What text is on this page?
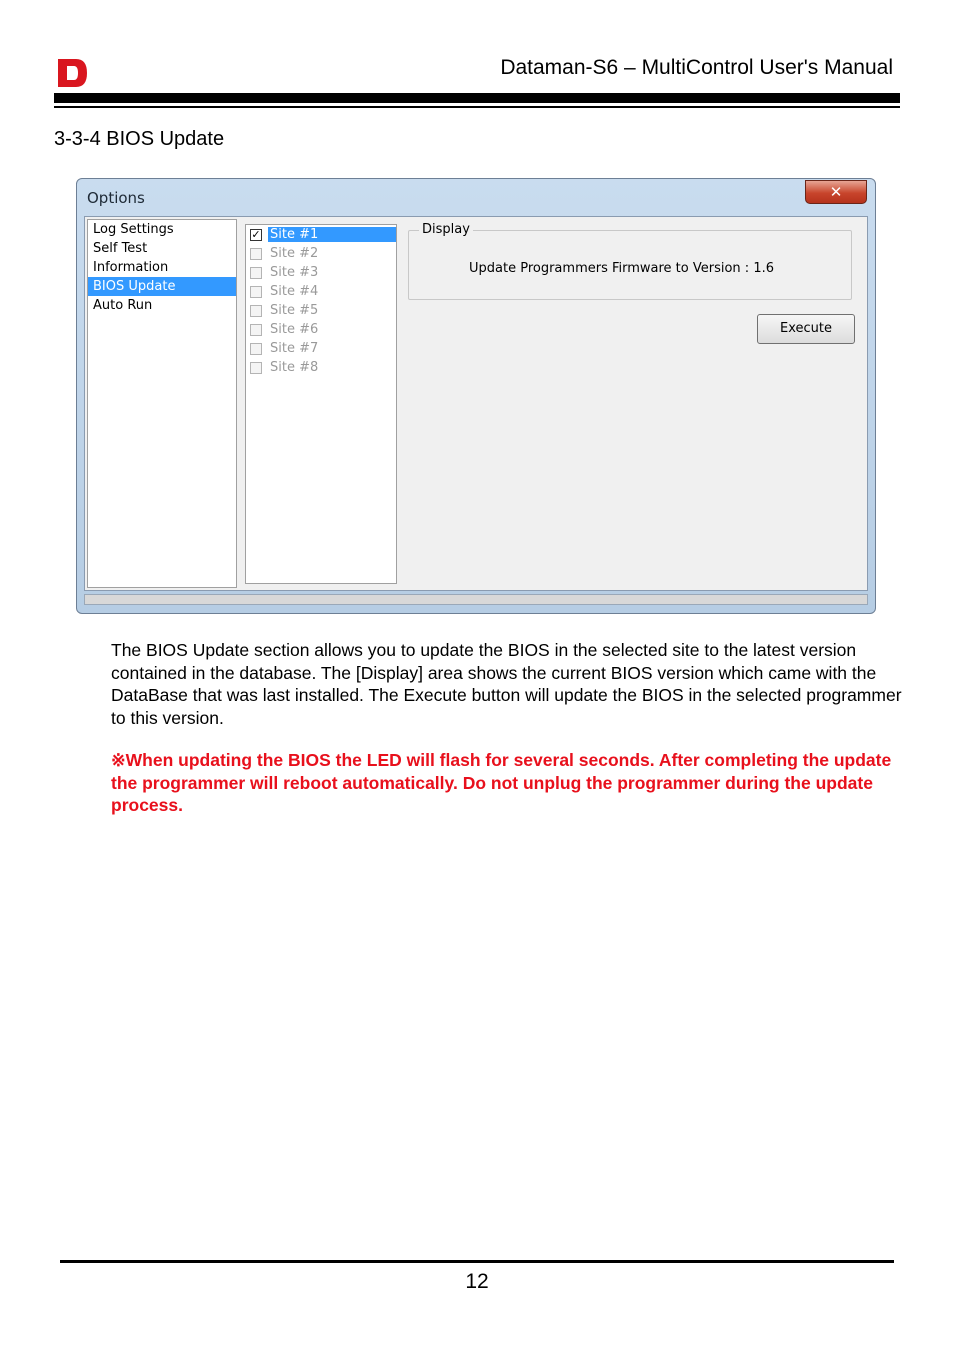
Dataman-S6 – MultiControl User's Manual
3-3-4 BIOS Update
Options	✕
Log Settings
Self Test
Information
BIOS Update
Auto Run
✓ Site #1
Site #2
Site #3
Site #4
Site #5
Site #6
Site #7
Site #8
Display
Update Programmers Firmware to Version : 1.6
Execute
The BIOS Update section allows you to update the BIOS in the selected site to the latest version contained in the database. The [Display] area shows the current BIOS version which came with the DataBase that was last installed. The Execute button will update the BIOS in the selected programmer to this version.
※When updating the BIOS the LED will flash for several seconds. After completing the update the programmer will reboot automatically. Do not unplug the programmer during the update process.
12
